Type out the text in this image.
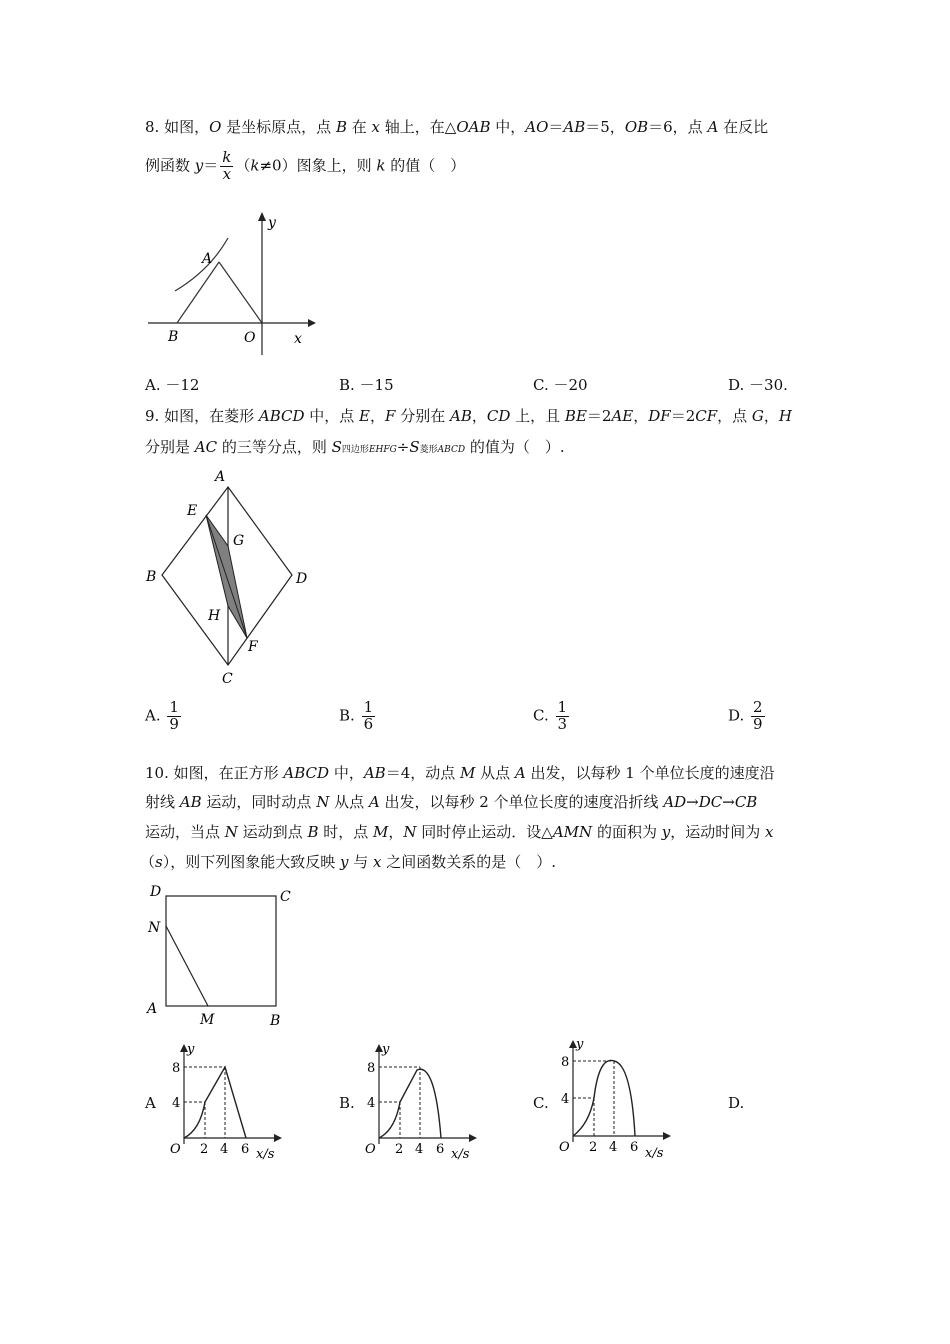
8. 如图，O 是坐标原点，点 B 在 x 轴上，在△OAB 中，AO＝AB＝5，OB＝6，点 A 在反比
例函数 $y= \frac{k}{x} (k\ne 0)$图象上，则 k 的值（　）
y
A
B	O	x
A. －12	B. －15	C. －20	D. －30.
9. 如图，在菱形 ABCD 中，点 E，F 分别在 AB，CD 上，且 BE＝2AE，DF＝2CF，点 G，H
分别是 AC 的三等分点，则 S四边形EHFG÷S菱形ABCD 的值为（　）.
A
B
C
D
E
F
G
H
A. $\frac{1}{9}$	B. $\frac{1}{6}$	C. $\frac{1}{3}$	D. $\frac{2}{9}$
10. 如图，在正方形 ABCD 中，AB＝4，动点 M 从点 A 出发，以每秒 1 个单位长度的速度沿
射线 AB 运动，同时动点 N 从点 A 出发，以每秒 2 个单位长度的速度沿折线 AD→DC→CB
运动，当点 N 运动到点 B 时，点 M，N 同时停止运动．设△AMN 的面积为 y，运动时间为 x
（s），则下列图象能大致反映 y 与 x 之间函数关系的是（　）.
D	C
N
A
M	B
A
y
8
4
O 2 4 6 x/s
B.
y
8
4
O 2 4 6 x/s
C.
y
8
4
O 2 4 6 x/s
D.
